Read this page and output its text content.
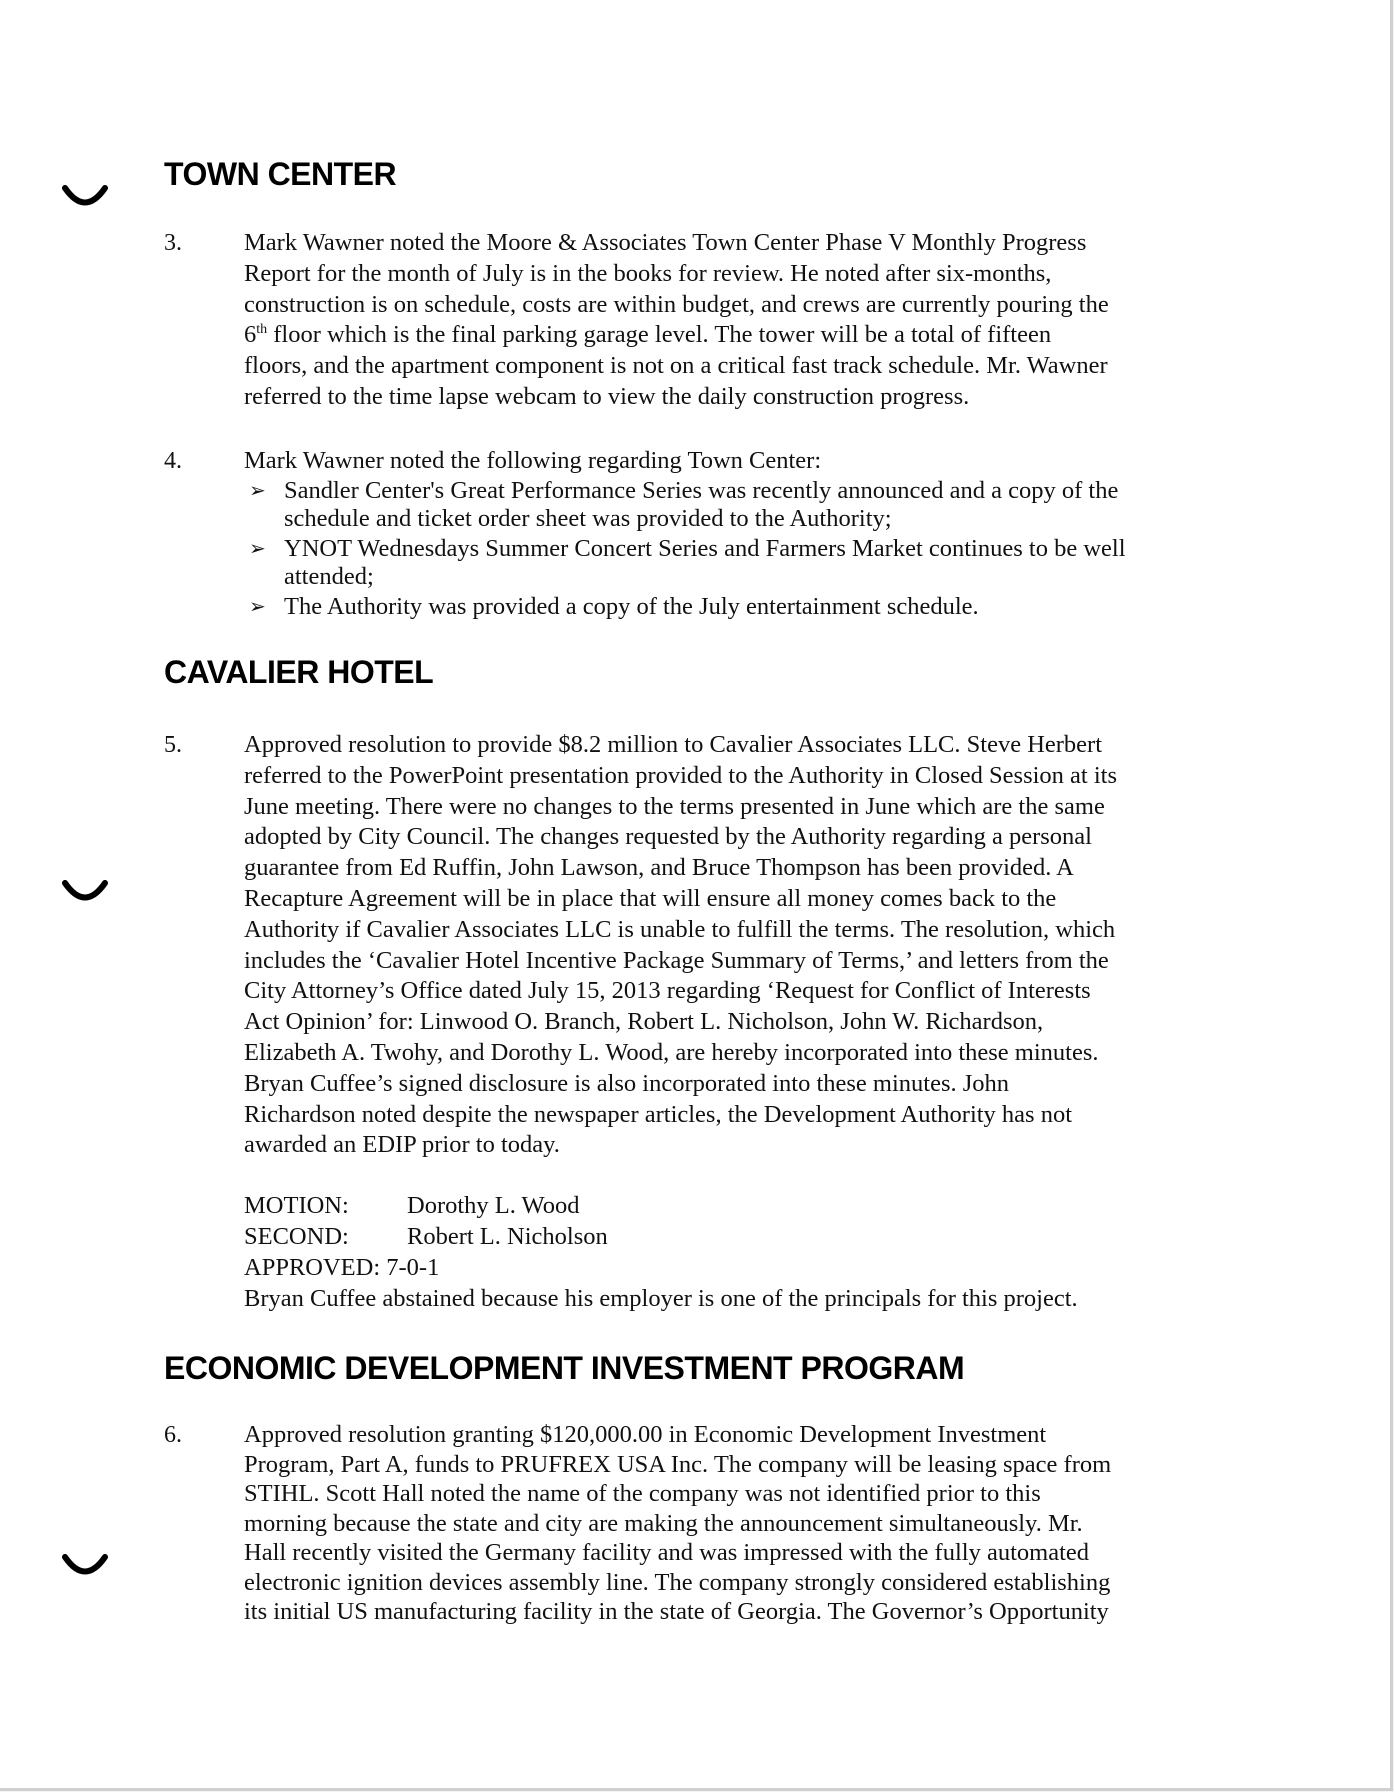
TOWN CENTER
3.	Mark Wawner noted the Moore & Associates Town Center Phase V Monthly Progress

Report for the month of July is in the books for review. He noted after six-months,

construction is on schedule, costs are within budget, and crews are currently pouring the

6th floor which is the final parking garage level. The tower will be a total of fifteen

floors, and the apartment component is not on a critical fast track schedule. Mr. Wawner

referred to the time lapse webcam to view the daily construction progress.

4.	Mark Wawner noted the following regarding Town Center:

➢ Sandler Center's Great Performance Series was recently announced and a copy of the
schedule and ticket order sheet was provided to the Authority;
➢ YNOT Wednesdays Summer Concert Series and Farmers Market continues to be well
attended;
➢ The Authority was provided a copy of the July entertainment schedule.
CAVALIER HOTEL
5.	Approved resolution to provide $8.2 million to Cavalier Associates LLC. Steve Herbert

referred to the PowerPoint presentation provided to the Authority in Closed Session at its

June meeting. There were no changes to the terms presented in June which are the same

adopted by City Council. The changes requested by the Authority regarding a personal

guarantee from Ed Ruffin, John Lawson, and Bruce Thompson has been provided. A

Recapture Agreement will be in place that will ensure all money comes back to the

Authority if Cavalier Associates LLC is unable to fulfill the terms. The resolution, which

includes the ‘Cavalier Hotel Incentive Package Summary of Terms,’ and letters from the

City Attorney’s Office dated July 15, 2013 regarding ‘Request for Conflict of Interests

Act Opinion’ for: Linwood O. Branch, Robert L. Nicholson, John W. Richardson,

Elizabeth A. Twohy, and Dorothy L. Wood, are hereby incorporated into these minutes.

Bryan Cuffee’s signed disclosure is also incorporated into these minutes. John

Richardson noted despite the newspaper articles, the Development Authority has not

awarded an EDIP prior to today.

MOTION:	Dorothy L. Wood
SECOND:	Robert L. Nicholson
APPROVED:
7-0-1

Bryan Cuffee abstained because his employer is one of the principals for this project.

ECONOMIC DEVELOPMENT INVESTMENT PROGRAM
6.	Approved resolution granting $120,000.00 in Economic Development Investment

Program, Part A, funds to PRUFREX USA Inc. The company will be leasing space from

STIHL. Scott Hall noted the name of the company was not identified prior to this

morning because the state and city are making the announcement simultaneously. Mr.

Hall recently visited the Germany facility and was impressed with the fully automated

electronic ignition devices assembly line. The company strongly considered establishing

its initial US manufacturing facility in the state of Georgia. The Governor’s Opportunity
